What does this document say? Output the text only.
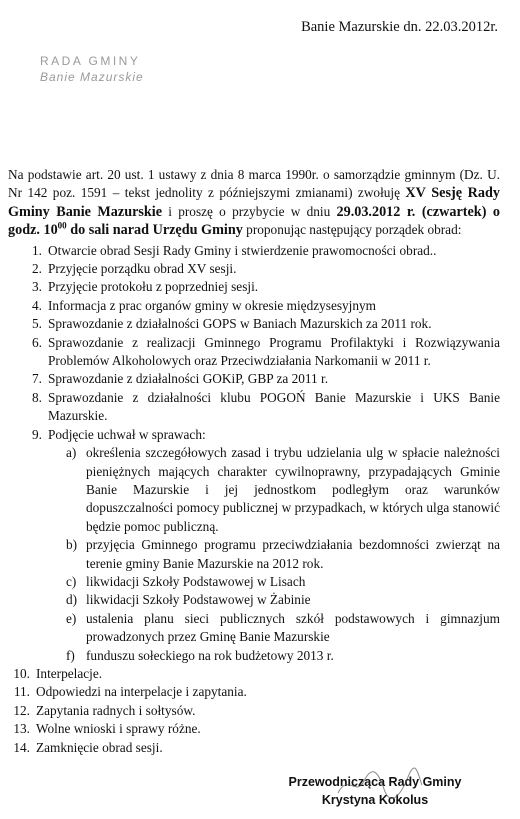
Banie Mazurskie dn. 22.03.2012r.
RADA GMINY
Banie Mazurskie

Na podstawie art. 20 ust. 1 ustawy z dnia 8 marca 1990r. o samorządzie gminnym (Dz. U. Nr 142 poz. 1591 – tekst jednolity z późniejszymi zmianami) zwołuję XV Sesję Rady Gminy Banie Mazurskie i proszę o przybycie w dniu 29.03.2012 r. (czwartek) o godz. $10^{00}$ do sali narad Urzędu Gminy proponując następujący porządek obrad:

1. Otwarcie obrad Sesji Rady Gminy i stwierdzenie prawomocności obrad..
2. Przyjęcie porządku obrad XV sesji.
3. Przyjęcie protokołu z poprzedniej sesji.
4. Informacja z prac organów gminy w okresie międzysesyjnym
5. Sprawozdanie z działalności GOPS w Baniach Mazurskich za 2011 rok.
6. Sprawozdanie z realizacji Gminnego Programu Profilaktyki i Rozwiązywania Problemów Alkoholowych oraz Przeciwdziałania Narkomanii w 2011 r.
7. Sprawozdanie z działalności GOKiP, GBP za 2011 r.
8. Sprawozdanie z działalności klubu POGOŃ Banie Mazurskie i UKS Banie Mazurskie.
9. Podjęcie uchwał w sprawach:
a) określenia szczegółowych zasad i trybu udzielania ulg w spłacie należności pieniężnych mających charakter cywilnoprawny, przypadających Gminie Banie Mazurskie i jej jednostkom podległym oraz warunków dopuszczalności pomocy publicznej w przypadkach, w których ulga stanowić będzie pomoc publiczną.
b) przyjęcia Gminnego programu przeciwdziałania bezdomności zwierząt na terenie gminy Banie Mazurskie na 2012 rok.
c) likwidacji Szkoły Podstawowej w Lisach
d) likwidacji Szkoły Podstawowej w Żabinie
e) ustalenia planu sieci publicznych szkół podstawowych i gimnazjum prowadzonych przez Gminę Banie Mazurskie
f) funduszu sołeckiego na rok budżetowy 2013 r.
10. Interpelacje.
11. Odpowiedzi na interpelacje i zapytania.
12. Zapytania radnych i sołtysów.
13. Wolne wnioski i sprawy różne.
14. Zamknięcie obrad sesji.
Przewodnicząca Rady Gminy
Krystyna Kokolus
